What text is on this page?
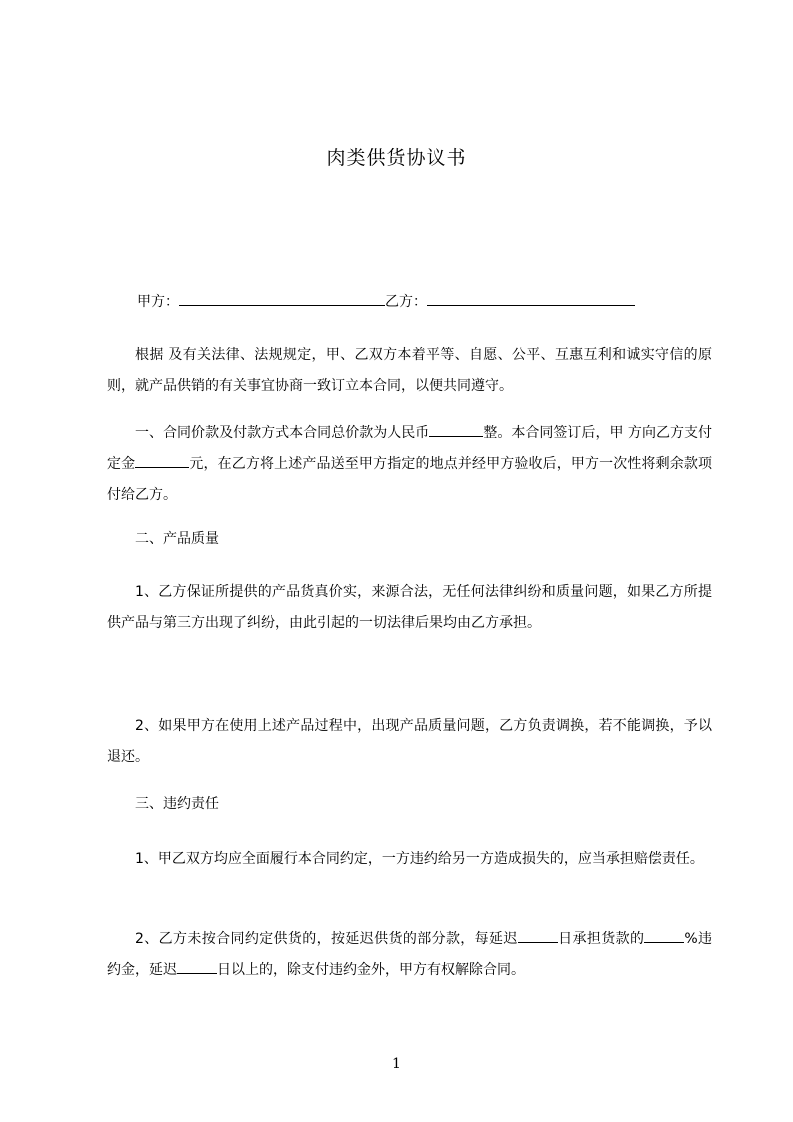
肉类供货协议书
甲方：	乙方：

根据 及有关法律、法规规定，甲、乙双方本着平等、自愿、公平、互惠互利和诚实守信的原则，就产品供销的有关事宜协商一致订立本合同，以便共同遵守。

一、合同价款及付款方式本合同总价款为人民币	整。本合同签订后，甲 方向乙方支付定金	元，在乙方将上述产品送至甲方指定的地点并经甲方验收后，甲方一次性将剩余款项付给乙方。

二、产品质量

1、乙方保证所提供的产品货真价实，来源合法，无任何法律纠纷和质量问题，如果乙方所提供产品与第三方出现了纠纷，由此引起的一切法律后果均由乙方承担。

2、如果甲方在使用上述产品过程中，出现产品质量问题，乙方负责调换，若不能调换，予以退还。

三、违约责任

1、甲乙双方均应全面履行本合同约定，一方违约给另一方造成损失的，应当承担赔偿责任。

2、乙方未按合同约定供货的，按延迟供货的部分款，每延迟	日承担货款的	%违约金，延迟	日以上的，除支付违约金外，甲方有权解除合同。

1
